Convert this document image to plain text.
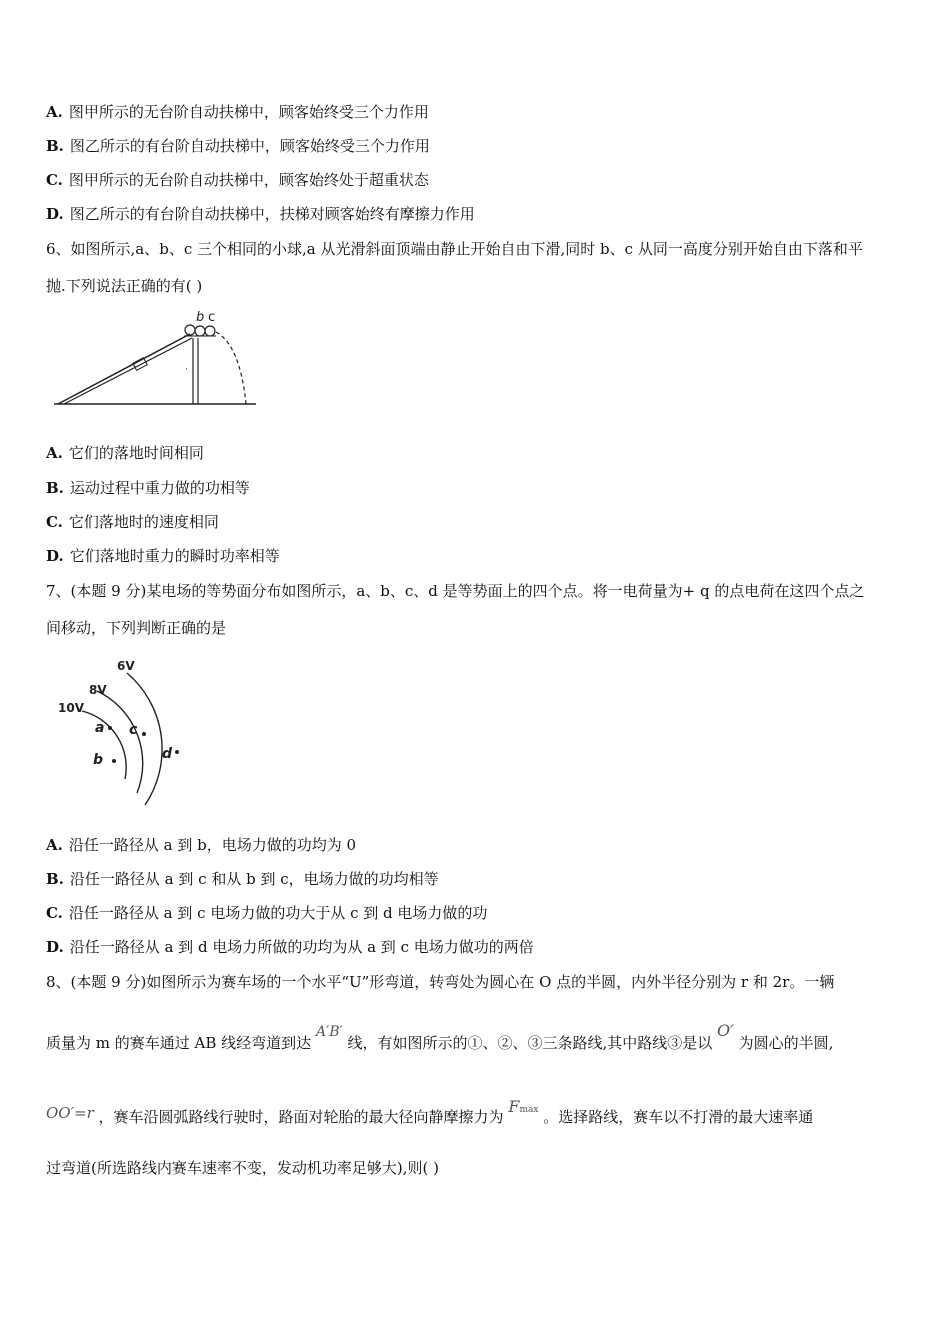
A. 图甲所示的无台阶自动扶梯中，顾客始终受三个力作用
B. 图乙所示的有台阶自动扶梯中，顾客始终受三个力作用
C. 图甲所示的无台阶自动扶梯中，顾客始终处于超重状态
D. 图乙所示的有台阶自动扶梯中，扶梯对顾客始终有摩擦力作用
6、如图所示,a、b、c 三个相同的小球,a 从光滑斜面顶端由静止开始自由下滑,同时 b、c 从同一高度分别开始自由下落和平
抛.下列说法正确的有( )
b c
A. 它们的落地时间相同
B. 运动过程中重力做的功相等
C. 它们落地时的速度相同
D. 它们落地时重力的瞬时功率相等
7、(本题 9 分)某电场的等势面分布如图所示，a、b、c、d 是等势面上的四个点。将一电荷量为+ q 的点电荷在这四个点之
间移动，下列判断正确的是
10V
8V
6V
a
b
c
d
A. 沿任一路径从 a 到 b，电场力做的功均为 0
B. 沿任一路径从 a 到 c 和从 b 到 c，电场力做的功均相等
C. 沿任一路径从 a 到 c 电场力做的功大于从 c 到 d 电场力做的功
D. 沿任一路径从 a 到 d 电场力所做的功均为从 a 到 c 电场力做功的两倍
8、(本题 9 分)如图所示为赛车场的一个水平“U”形弯道，转弯处为圆心在 O 点的半圆，内外半径分别为 r 和 2r。一辆
质量为 m 的赛车通过 AB 线经弯道到达 A′B′ 线，有如图所示的①、②、③三条路线,其中路线③是以 O′ 为圆心的半圆,
OO′=r ，赛车沿圆弧路线行驶时，路面对轮胎的最大径向静摩擦力为 Fmax 。选择路线，赛车以不打滑的最大速率通
过弯道(所选路线内赛车速率不变，发动机功率足够大),则( )
